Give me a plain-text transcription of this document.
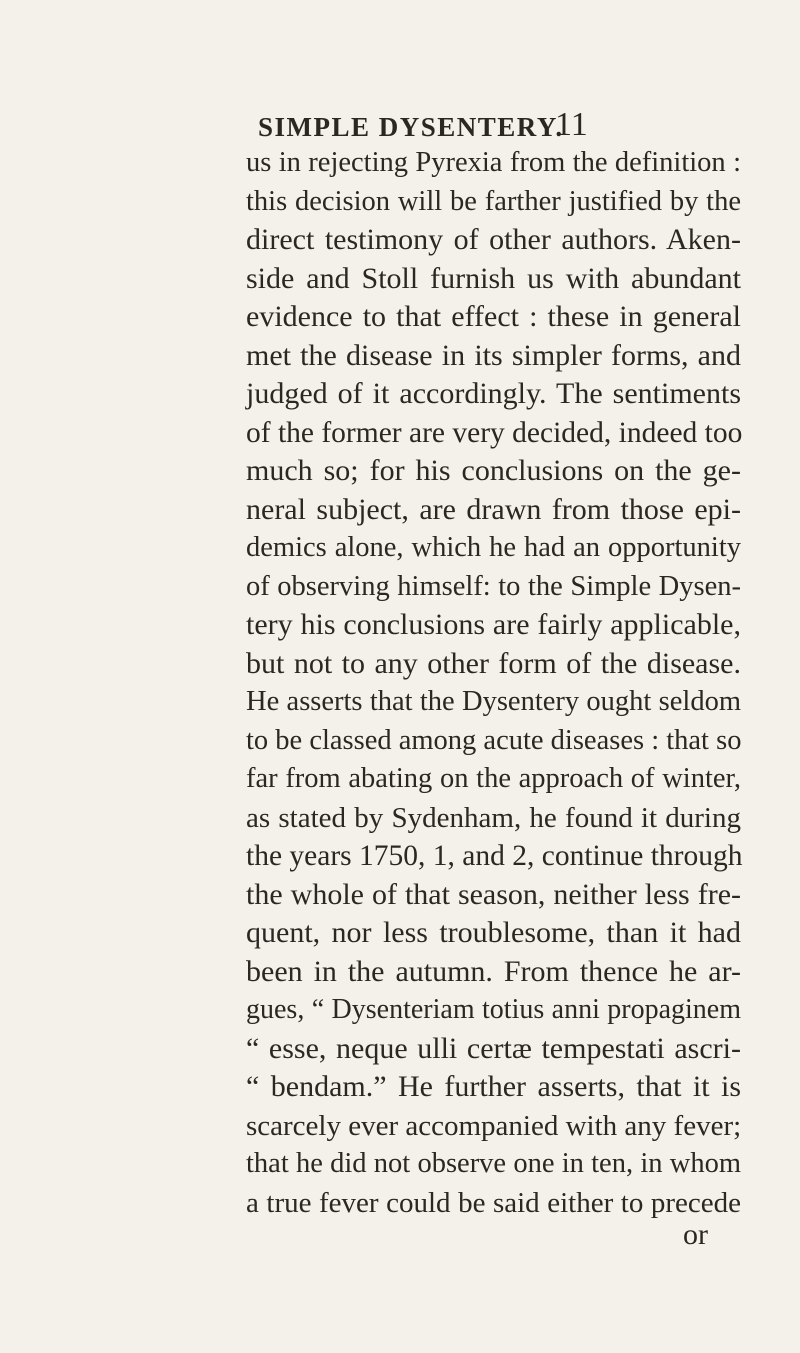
SIMPLE DYSENTERY.
11
us in rejecting Pyrexia from the definition :
this decision will be farther justified by the
direct testimony of other authors. Aken-
side and Stoll furnish us with abundant
evidence to that effect : these in general
met the disease in its simpler forms, and
judged of it accordingly. The sentiments
of the former are very decided, indeed too
much so; for his conclusions on the ge-
neral subject, are drawn from those epi-
demics alone, which he had an opportunity
of observing himself: to the Simple Dysen-
tery his conclusions are fairly applicable,
but not to any other form of the disease.
He asserts that the Dysentery ought seldom
to be classed among acute diseases : that so
far from abating on the approach of winter,
as stated by Sydenham, he found it during
the years 1750, 1, and 2, continue through
the whole of that season, neither less fre-
quent, nor less troublesome, than it had
been in the autumn. From thence he ar-
gues, “ Dysenteriam totius anni propaginem
“ esse, neque ulli certæ tempestati ascri-
“ bendam.” He further asserts, that it is
scarcely ever accompanied with any fever;
that he did not observe one in ten, in whom
a true fever could be said either to precede
or
